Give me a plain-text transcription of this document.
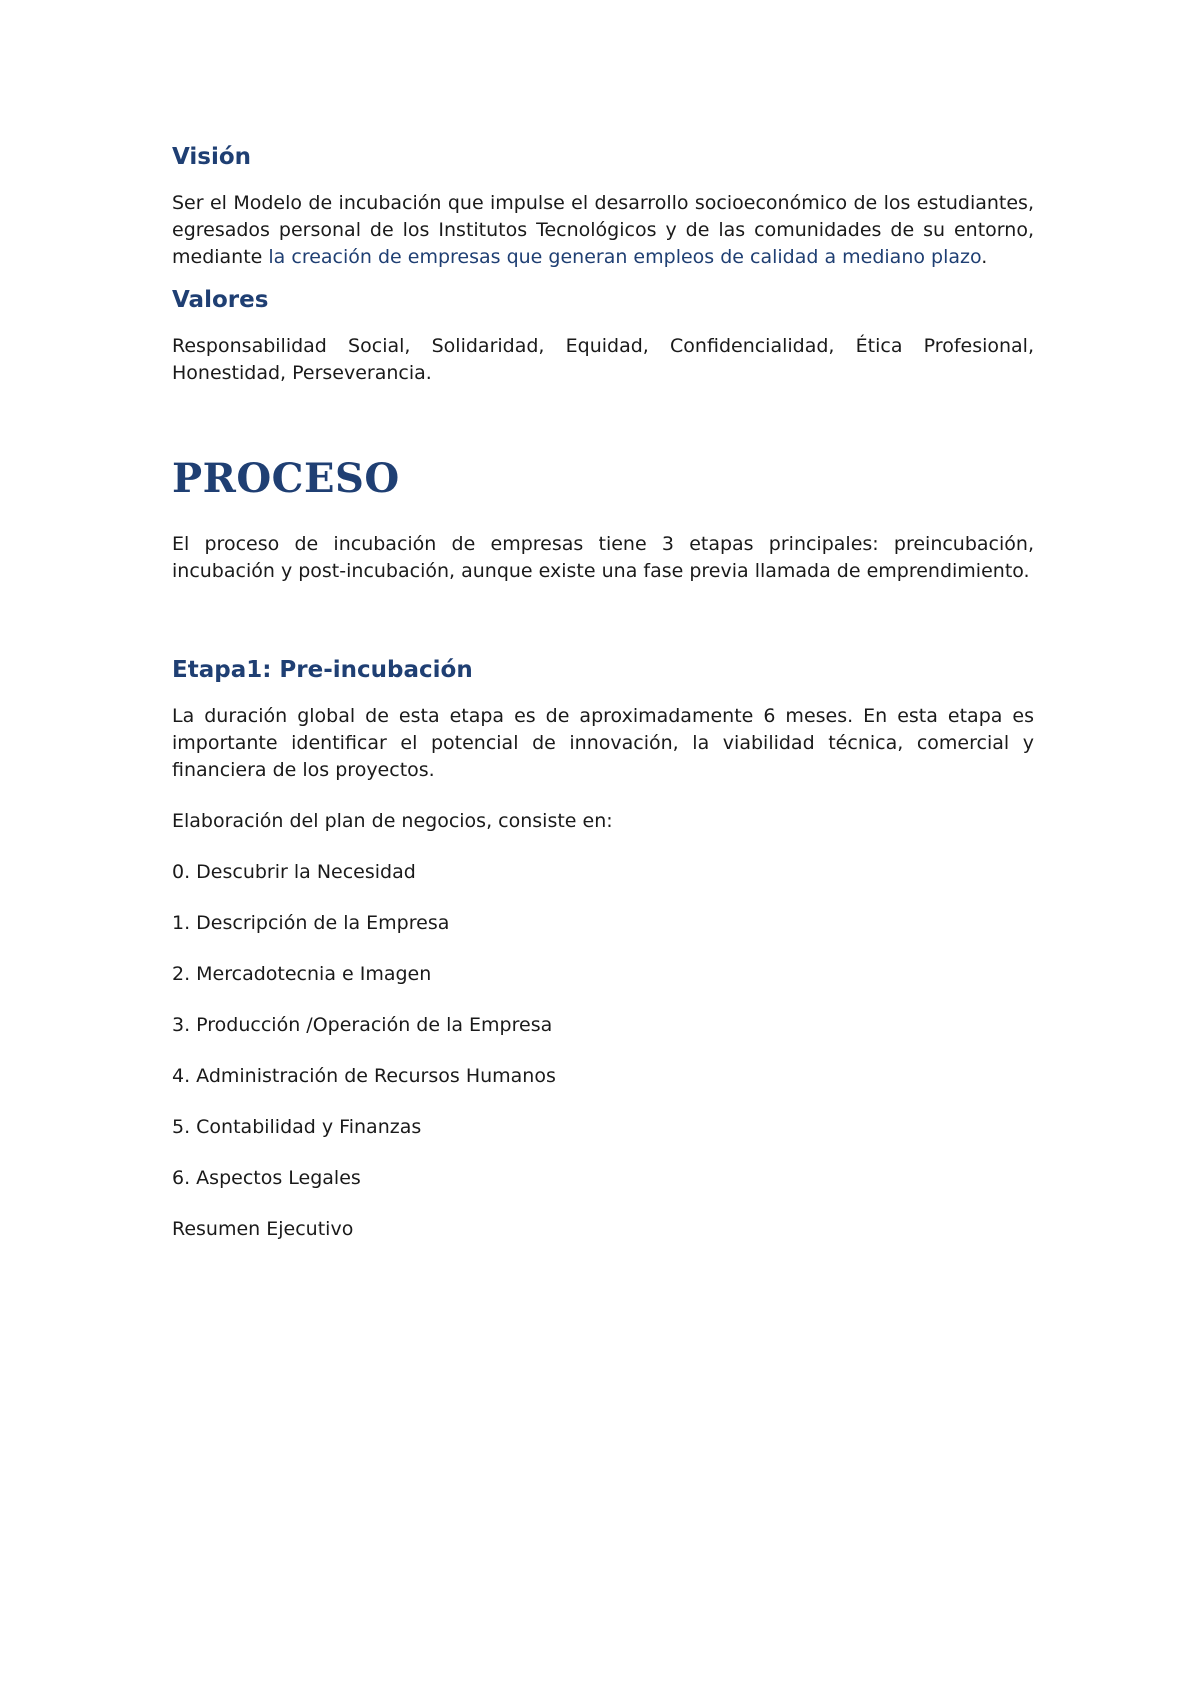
Visión

Ser el Modelo de incubación que impulse el desarrollo socioeconómico de los estudiantes, egresados personal de los Institutos Tecnológicos y de las comunidades de su entorno, mediante la creación de empresas que generan empleos de calidad a mediano plazo.

Valores

Responsabilidad Social, Solidaridad, Equidad, Confidencialidad, Ética Profesional, Honestidad, Perseverancia.

PROCESO

El proceso de incubación de empresas tiene 3 etapas principales: preincubación, incubación y post-incubación, aunque existe una fase previa llamada de emprendimiento.

Etapa1: Pre-incubación

La duración global de esta etapa es de aproximadamente 6 meses. En esta etapa es importante identificar el potencial de innovación, la viabilidad técnica, comercial y financiera de los proyectos.

Elaboración del plan de negocios, consiste en:

0. Descubrir la Necesidad

1. Descripción de la Empresa

2. Mercadotecnia e Imagen

3. Producción /Operación de la Empresa

4. Administración de Recursos Humanos

5. Contabilidad y Finanzas

6. Aspectos Legales

Resumen Ejecutivo
